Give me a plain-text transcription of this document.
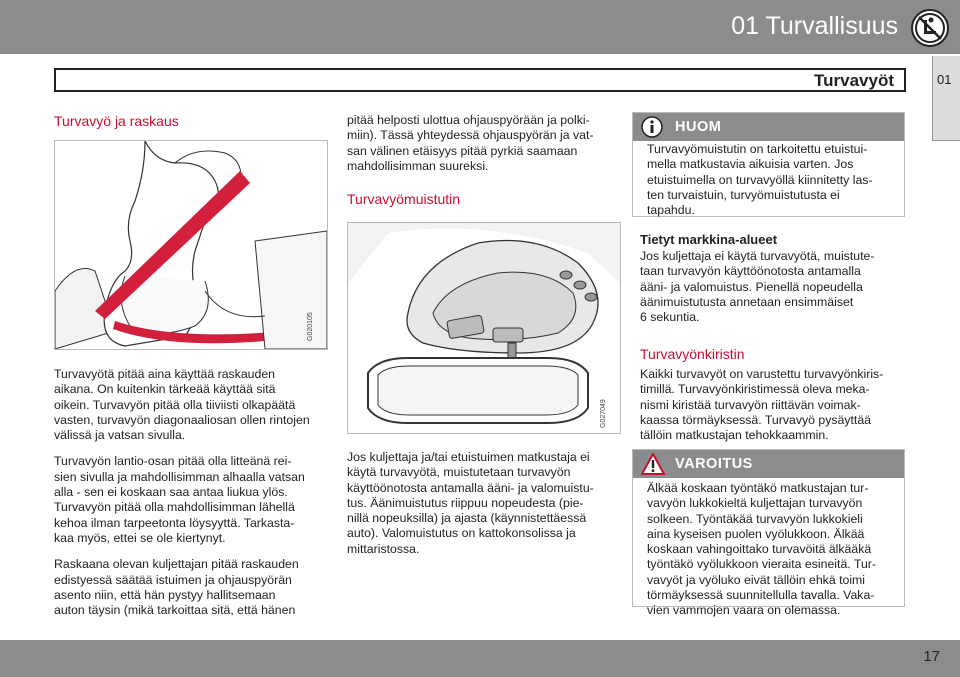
01 Turvallisuus
Turvavyöt	01
Turvavyö ja raskaus
G020105

Turvavyötä pitää aina käyttää raskauden
aikana. On kuitenkin tärkeää käyttää sitä
oikein. Turvavyön pitää olla tiiviisti olkapäätä
vasten, turvavyön diagonaaliosan ollen rintojen
välissä ja vatsan sivulla.

Turvavyön lantio-osan pitää olla litteänä rei-
sien sivulla ja mahdollisimman alhaalla vatsan
alla - sen ei koskaan saa antaa liukua ylös.
Turvavyön pitää olla mahdollisimman lähellä
kehoa ilman tarpeetonta löysyyttä. Tarkasta-
kaa myös, ettei se ole kiertynyt.

Raskaana olevan kuljettajan pitää raskauden
edistyessä säätää istuimen ja ohjauspyörän
asento niin, että hän pystyy hallitsemaan
auton täysin (mikä tarkoittaa sitä, että hänen

pitää helposti ulottua ohjauspyörään ja polki-
miin). Tässä yhteydessä ohjauspyörän ja vat-
san välinen etäisyys pitää pyrkiä saamaan
mahdollisimman suureksi.

Turvavyömuistutin
G027049

Jos kuljettaja ja/tai etuistuimen matkustaja ei
käytä turvavyötä, muistutetaan turvavyön
käyttöönotosta antamalla ääni- ja valomuistu-
tus. Äänimuistutus riippuu nopeudesta (pie-
nillä nopeuksilla) ja ajasta (käynnistettäessä
auto). Valomuistutus on kattokonsolissa ja
mittaristossa.

HUOM

Turvavyömuistutin on tarkoitettu etuistui-
mella matkustavia aikuisia varten. Jos
etuistuimella on turvavyöllä kiinnitetty las-
ten turvaistuin, turvyömuistutusta ei
tapahdu.

Tietyt markkina-alueet

Jos kuljettaja ei käytä turvavyötä, muistute-
taan turvavyön käyttöönotosta antamalla
ääni- ja valomuistus. Pienellä nopeudella
äänimuistutusta annetaan ensimmäiset
6 sekuntia.

Turvavyönkiristin

Kaikki turvavyöt on varustettu turvavyönkiris-
timillä. Turvavyönkiristimessä oleva meka-
nismi kiristää turvavyön riittävän voimak-
kaassa törmäyksessä. Turvavyö pysäyttää
tällöin matkustajan tehokkaammin.

VAROITUS

Älkää koskaan työntäkö matkustajan tur-
vavyön lukkokieltä kuljettajan turvavyön
solkeen. Työntäkää turvavyön lukkokieli
aina kyseisen puolen vyölukkoon. Älkää
koskaan vahingoittako turvavöitä älkääkä
työntäkö vyölukkoon vieraita esineitä. Tur-
vavyöt ja vyöluko eivät tällöin ehkä toimi
törmäyksessä suunnitellulla tavalla. Vaka-
vien vammojen vaara on olemassa.

17
